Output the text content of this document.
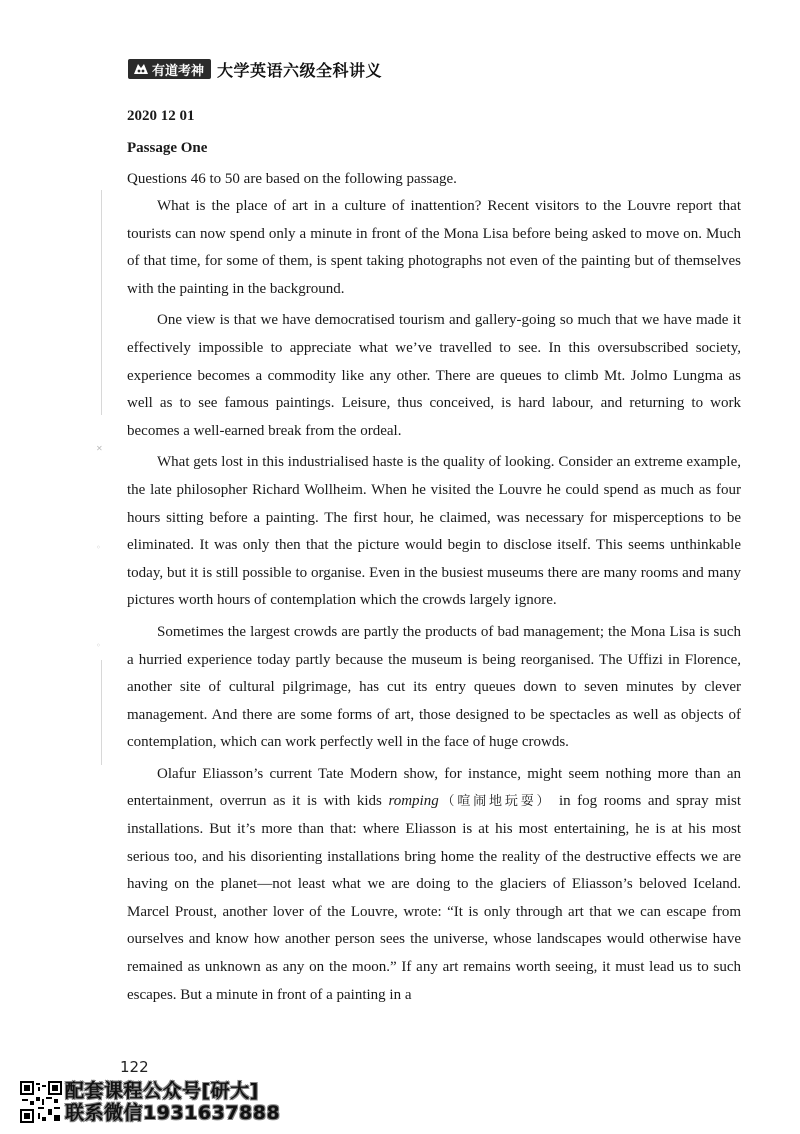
有道考神 大学英语六级全科讲义
✕
◦
◦
2020 12 01
Passage One
Questions 46 to 50 are based on the following passage.

What is the place of art in a culture of inattention? Recent visitors to the Louvre report that tourists can now spend only a minute in front of the Mona Lisa before being asked to move on. Much of that time, for some of them, is spent taking photographs not even of the painting but of themselves with the painting in the background.

One view is that we have democratised tourism and gallery-going so much that we have made it effectively impossible to appreciate what we’ve travelled to see. In this oversubscribed society, experience becomes a commodity like any other. There are queues to climb Mt. Jolmo Lungma as well as to see famous paintings. Leisure, thus conceived, is hard labour, and returning to work becomes a well-earned break from the ordeal.

What gets lost in this industrialised haste is the quality of looking. Consider an extreme example, the late philosopher Richard Wollheim. When he visited the Louvre he could spend as much as four hours sitting before a painting. The first hour, he claimed, was necessary for misperceptions to be eliminated. It was only then that the picture would begin to disclose itself. This seems unthinkable today, but it is still possible to organise. Even in the busiest museums there are many rooms and many pictures worth hours of contemplation which the crowds largely ignore.

Sometimes the largest crowds are partly the products of bad management; the Mona Lisa is such a hurried experience today partly because the museum is being reorganised. The Uffizi in Florence, another site of cultural pilgrimage, has cut its entry queues down to seven minutes by clever management. And there are some forms of art, those designed to be spectacles as well as objects of contemplation, which can work perfectly well in the face of huge crowds.

Olafur Eliasson’s current Tate Modern show, for instance, might seem nothing more than an entertainment, overrun as it is with kids romping（喧闹地玩耍） in fog rooms and spray mist installations. But it’s more than that: where Eliasson is at his most entertaining, he is at his most serious too, and his disorienting installations bring home the reality of the destructive effects we are having on the planet—not least what we are doing to the glaciers of Eliasson’s beloved Iceland. Marcel Proust, another lover of the Louvre, wrote: “It is only through art that we can escape from ourselves and know how another person sees the universe, whose landscapes would otherwise have remained as unknown as any on the moon.” If any art remains worth seeing, it must lead us to such escapes. But a minute in front of a painting in a

122
配套课程公众号[研大]
联系微信1931637888
